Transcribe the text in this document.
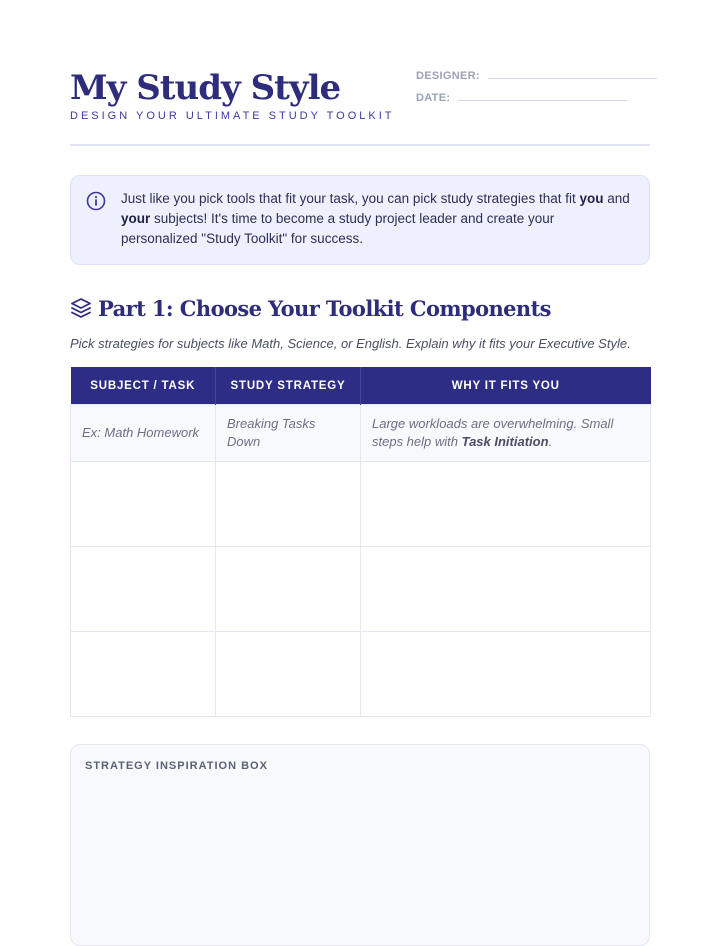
My Study Style
DESIGN YOUR ULTIMATE STUDY TOOLKIT
DESIGNER:
DATE:
Just like you pick tools that fit your task, you can pick study strategies that fit you and your subjects! It's time to become a study project leader and create your personalized "Study Toolkit" for success.
Part 1: Choose Your Toolkit Components
Pick strategies for subjects like Math, Science, or English. Explain why it fits your Executive Style.
SUBJECT / TASK	STUDY STRATEGY	WHY IT FITS YOU
Ex: Math Homework	Breaking Tasks Down	Large workloads are overwhelming. Small steps help with Task Initiation.

STRATEGY INSPIRATION BOX
